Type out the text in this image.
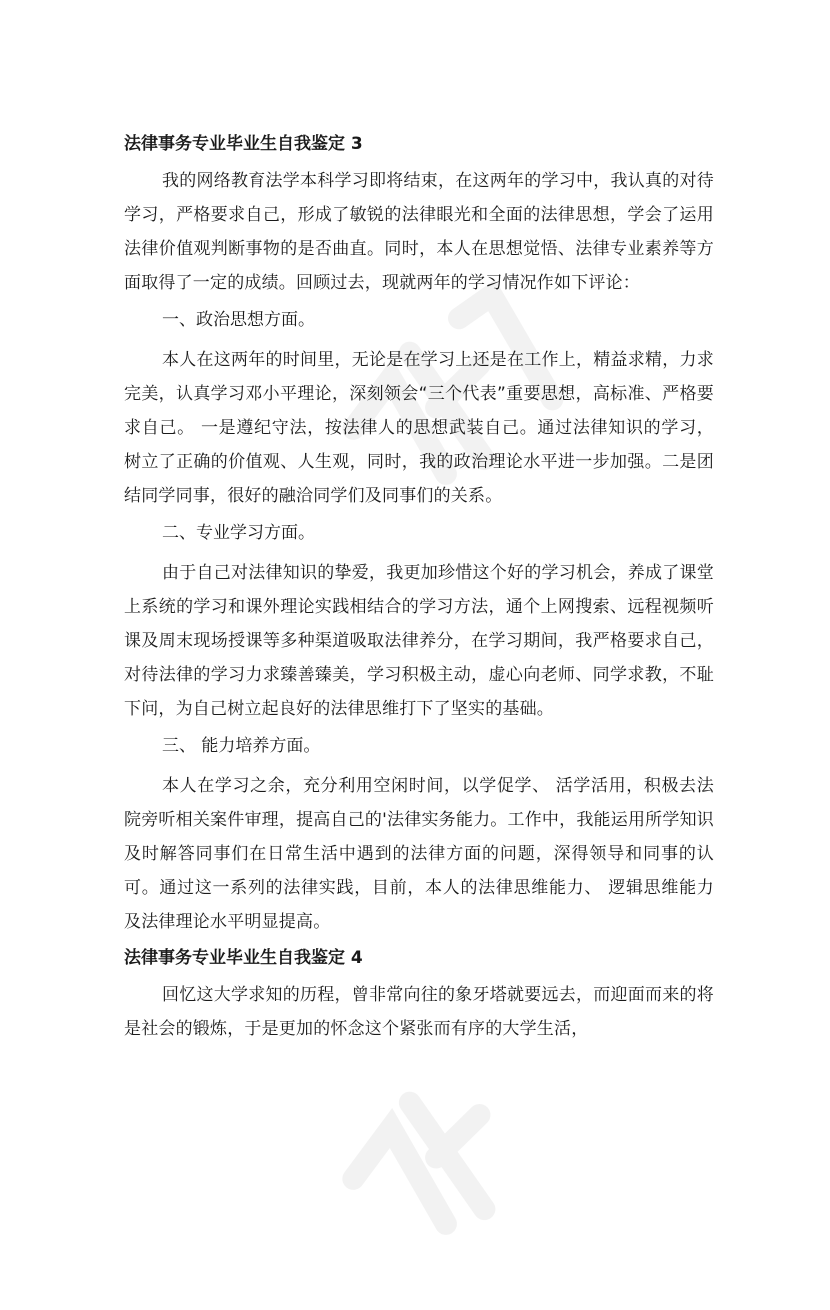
法律事务专业毕业生自我鉴定 3

我的网络教育法学本科学习即将结束，在这两年的学习中，我认真的对待学习，严格要求自己，形成了敏锐的法律眼光和全面的法律思想，学会了运用法律价值观判断事物的是否曲直。同时，本人在思想觉悟、法律专业素养等方面取得了一定的成绩。回顾过去，现就两年的学习情况作如下评论：

一、政治思想方面。

本人在这两年的时间里，无论是在学习上还是在工作上，精益求精，力求完美，认真学习邓小平理论，深刻领会“三个代表”重要思想，高标准、严格要求自己。 一是遵纪守法，按法律人的思想武装自己。通过法律知识的学习，树立了正确的价值观、人生观，同时，我的政治理论水平进一步加强。二是团结同学同事，很好的融洽同学们及同事们的关系。

二、专业学习方面。

由于自己对法律知识的挚爱，我更加珍惜这个好的学习机会，养成了课堂上系统的学习和课外理论实践相结合的学习方法，通个上网搜索、远程视频听课及周末现场授课等多种渠道吸取法律养分，在学习期间，我严格要求自己，对待法律的学习力求臻善臻美，学习积极主动，虚心向老师、同学求教，不耻下问，为自己树立起良好的法律思维打下了坚实的基础。

三、 能力培养方面。

本人在学习之余，充分利用空闲时间，以学促学、 活学活用，积极去法院旁听相关案件审理，提高自己的'法律实务能力。工作中，我能运用所学知识及时解答同事们在日常生活中遇到的法律方面的问题，深得领导和同事的认可。通过这一系列的法律实践，目前，本人的法律思维能力、 逻辑思维能力及法律理论水平明显提高。

法律事务专业毕业生自我鉴定 4

回忆这大学求知的历程，曾非常向往的象牙塔就要远去，而迎面而来的将是社会的锻炼，于是更加的怀念这个紧张而有序的大学生活，
